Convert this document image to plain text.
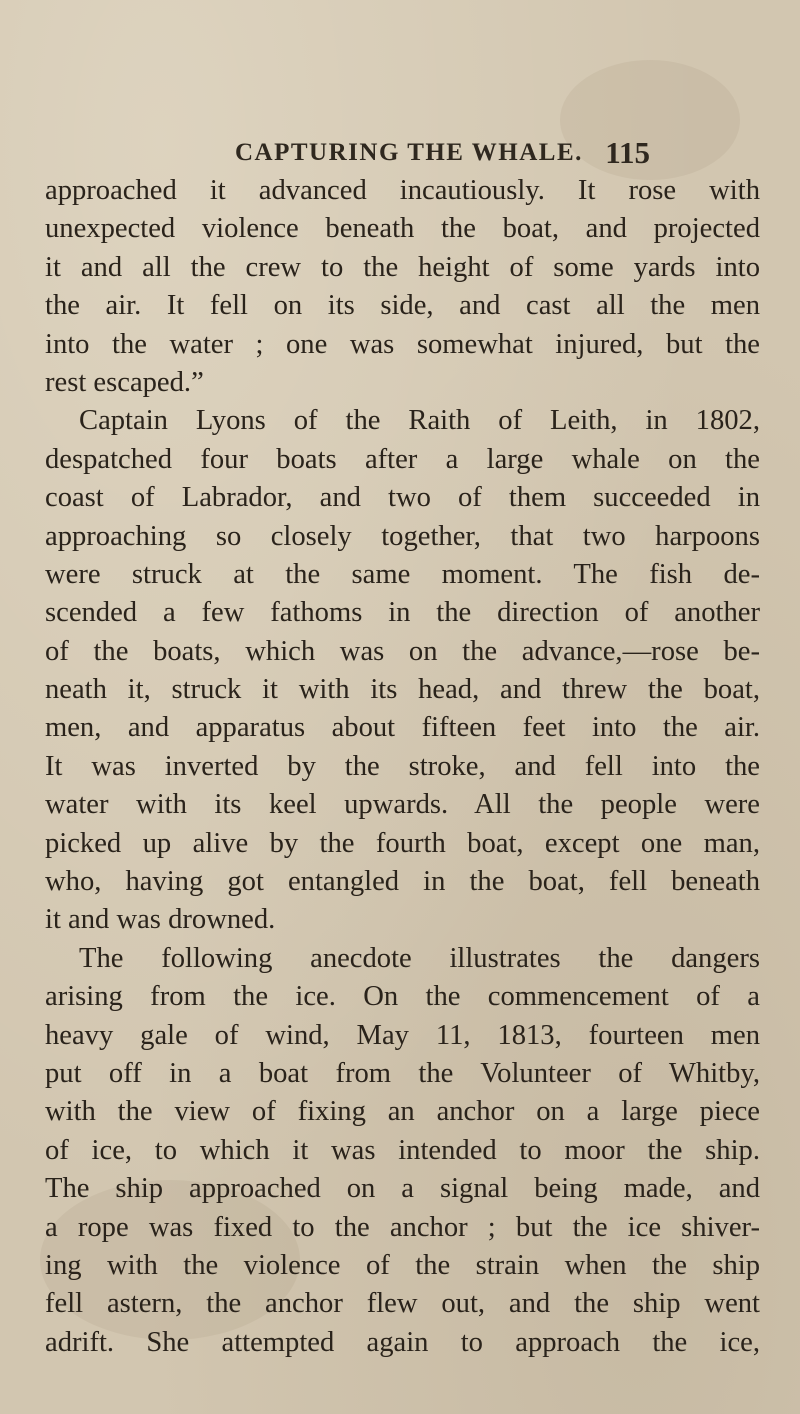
CAPTURING THE WHALE. 115
approached it advanced incautiously. It rose with
unexpected violence beneath the boat, and projected
it and all the crew to the height of some yards into
the air. It fell on its side, and cast all the men
into the water ; one was somewhat injured, but the
rest escaped.”
Captain Lyons of the Raith of Leith, in 1802,
despatched four boats after a large whale on the
coast of Labrador, and two of them succeeded in
approaching so closely together, that two harpoons
were struck at the same moment. The fish de-
scended a few fathoms in the direction of another
of the boats, which was on the advance,—rose be-
neath it, struck it with its head, and threw the boat,
men, and apparatus about fifteen feet into the air.
It was inverted by the stroke, and fell into the
water with its keel upwards. All the people were
picked up alive by the fourth boat, except one man,
who, having got entangled in the boat, fell beneath
it and was drowned.
The following anecdote illustrates the dangers
arising from the ice. On the commencement of a
heavy gale of wind, May 11, 1813, fourteen men
put off in a boat from the Volunteer of Whitby,
with the view of fixing an anchor on a large piece
of ice, to which it was intended to moor the ship.
The ship approached on a signal being made, and
a rope was fixed to the anchor ; but the ice shiver-
ing with the violence of the strain when the ship
fell astern, the anchor flew out, and the ship went
adrift. She attempted again to approach the ice,
